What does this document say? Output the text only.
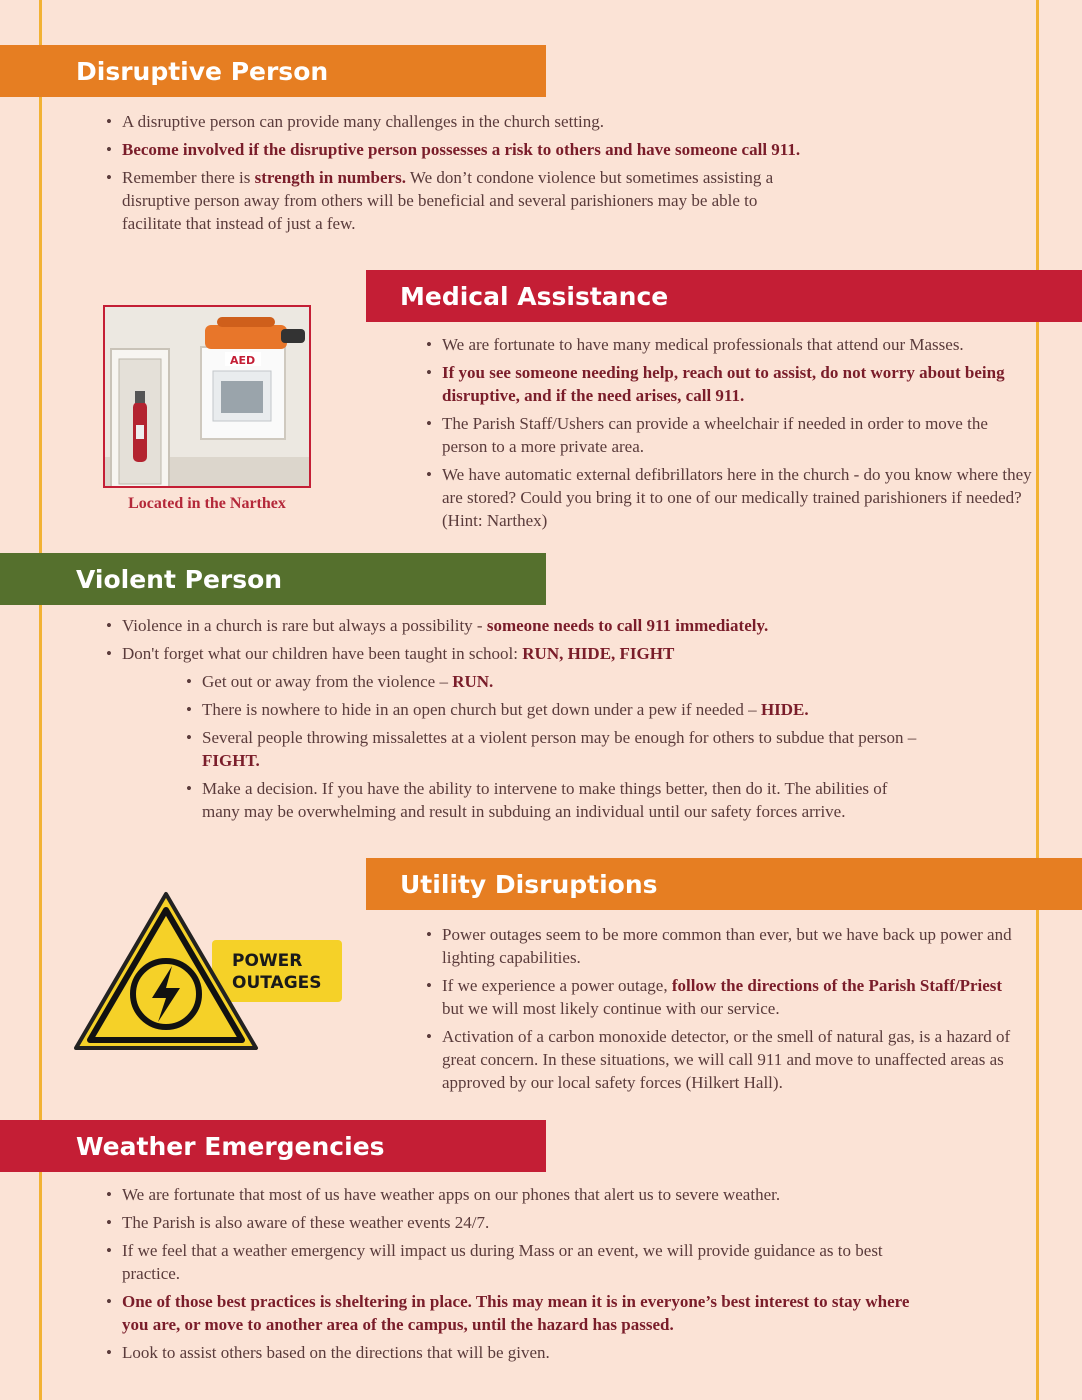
Disruptive Person
• A disruptive person can provide many challenges in the church setting.
• Become involved if the disruptive person possesses a risk to others and have someone call 911.
• Remember there is strength in numbers. We don’t condone violence but sometimes assisting a disruptive person away from others will be beneficial and several parishioners may be able to facilitate that instead of just a few.
Medical Assistance
AED
Located in the Narthex
• We are fortunate to have many medical professionals that attend our Masses.
• If you see someone needing help, reach out to assist, do not worry about being disruptive, and if the need arises, call 911.
• The Parish Staff/Ushers can provide a wheelchair if needed in order to move the person to a more private area.
• We have automatic external defibrillators here in the church - do you know where they are stored? Could you bring it to one of our medically trained parishioners if needed? (Hint: Narthex)
Violent Person
• Violence in a church is rare but always a possibility - someone needs to call 911 immediately.
• Don't forget what our children have been taught in school: RUN, HIDE, FIGHT
• Get out or away from the violence – RUN.
• There is nowhere to hide in an open church but get down under a pew if needed – HIDE.
• Several people throwing missalettes at a violent person may be enough for others to subdue that person – FIGHT.
• Make a decision. If you have the ability to intervene to make things better, then do it. The abilities of many may be overwhelming and result in subduing an individual until our safety forces arrive.
Utility Disruptions
POWER
OUTAGES
• Power outages seem to be more common than ever, but we have back up power and lighting capabilities.
• If we experience a power outage, follow the directions of the Parish Staff/Priest but we will most likely continue with our service.
• Activation of a carbon monoxide detector, or the smell of natural gas, is a hazard of great concern. In these situations, we will call 911 and move to unaffected areas as approved by our local safety forces (Hilkert Hall).
Weather Emergencies
• We are fortunate that most of us have weather apps on our phones that alert us to severe weather.
• The Parish is also aware of these weather events 24/7.
• If we feel that a weather emergency will impact us during Mass or an event, we will provide guidance as to best practice.
• One of those best practices is sheltering in place. This may mean it is in everyone’s best interest to stay where you are, or move to another area of the campus, until the hazard has passed.
• Look to assist others based on the directions that will be given.
